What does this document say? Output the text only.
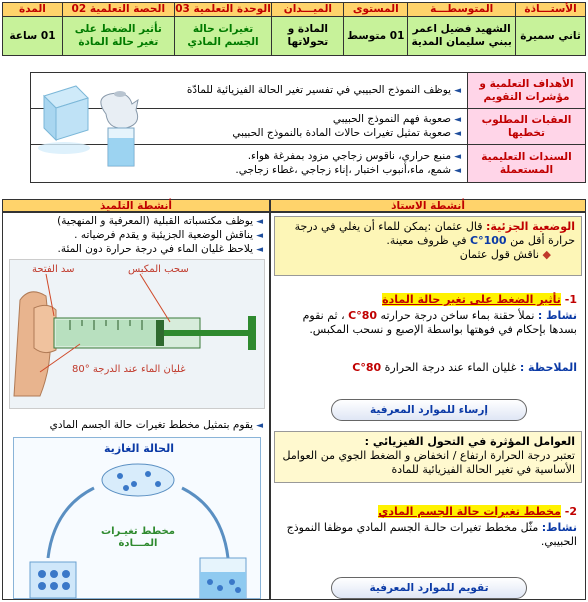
الأستـــاذة	المتوسطـــة	المستوى	الميـــدان	الوحدة التعلمية 03	الحصة التعلمية 02	المدة
ثاني سميرة	الشهيد فضيل اعمر ببني سليمان المدية	01 متوسط	المادة و تحولاتها	تغيرات حالة الجسم المادي	تأثير الضغط على تغير حالة المادة	01 ساعة
الأهداف التعلمية و مؤشرات التقويم	◄يوظف النموذج الحبيبي في تفسير تغير الحالة الفيزيائية للمادّة

العقبات المطلوب تخطيها	◄صعوبة فهم النموذج الحبيبي
◄صعوبة تمثيل تغيرات حالات المادة بالنموذج الحبيبي

السندات التعليمية المستعملة	◄منبع حراري، ناقوس زجاجي مزود بمفرغة هواء.
◄شمع، ماء،أنبوب اختبار ،إناء زجاجي ،غطاء زجاجي.
أنشطة التلميذ	أنشطة الاستاذ
◄يوظف مكتسباته القبلية (المعرفية و المنهجية)
◄يناقش الوضعية الجزيئية و يقدم فرضياته .
◄يلاحظ غليان الماء في درجة حرارة دون المئة.
سد الفتحة	سحب المكبس
غليان الماء عند الدرجة °80
◄يقوم بتمثيل مخطط تغيرات حالة الجسم المادي
الحالة الغازية
مخطط تغيـرات المـــادة
الوضعية الجزئية: قال عثمان :يمكن للماء أن يغلي في درجة حرارة أقل من 100°C في ظروف معينة.
◆ ناقش قول عثمان
1- تأثير الضغط على تغير حالة المادة
نشاط : نملأ حقنة بماء ساخن درجة حرارته 80°C ، ثم نقوم بسدها بإحكام في فوهتها بواسطة الإصبع و نسحب المكبس.
الملاحظة : غليان الماء عند درجة الحرارة 80°C
إرساء للموارد المعرفية
العوامل المؤثرة في التحول الفيزيائي :
تعتبر درجة الحرارة ارتفاع / انخفاض و الضغط الجوي من العوامل الأساسية في تغير الحالة الفيزيائية للمادة
2- مخطط تغيرات حالة الجسم المادي
نشاط: مثّل مخطط تغيرات حالـة الجسم المادي موظفا النموذج الحبيبي.
تقويم للموارد المعرفية
